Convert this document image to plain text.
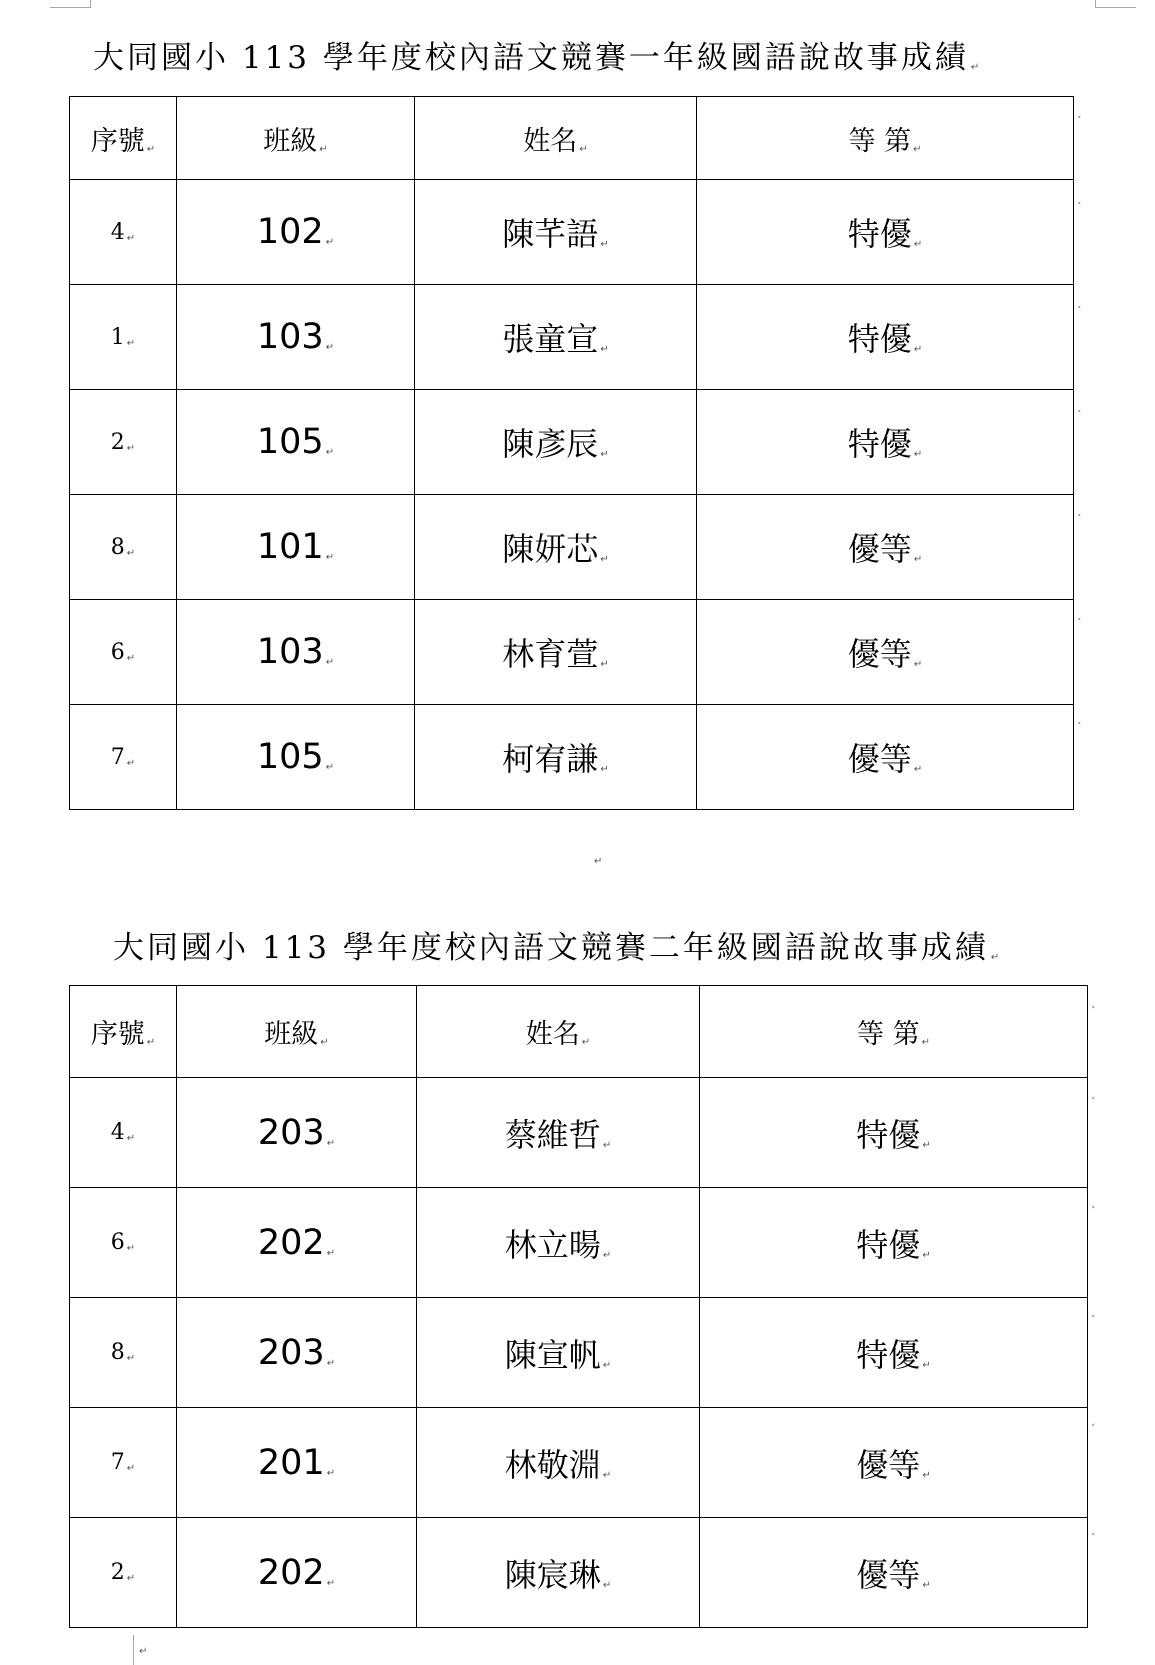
大同國小 113 學年度校內語文競賽一年級國語說故事成績 ↵
序號 ↵	班級 ↵	姓名 ↵	等 第 ↵
4 ↵	102 ↵	陳芊語 ↵	特優 ↵
1 ↵	103 ↵	張童宣 ↵	特優 ↵
2 ↵	105 ↵	陳彥辰 ↵	特優 ↵
8 ↵	101 ↵	陳妍芯 ↵	優等 ↵
6 ↵	103 ↵	林育萱 ↵	優等 ↵
7 ↵	105 ↵	柯宥謙 ↵	優等 ↵
˂
˂
˂
˂
˂
˂
˂
↵
大同國小 113 學年度校內語文競賽二年級國語說故事成績 ↵
序號 ↵	班級 ↵	姓名 ↵	等 第 ↵
4 ↵	203 ↵	蔡維哲 ↵	特優 ↵
6 ↵	202 ↵	林立暘 ↵	特優 ↵
8 ↵	203 ↵	陳宣帆 ↵	特優 ↵
7 ↵	201 ↵	林敬淵 ↵	優等 ↵
2 ↵	202 ↵	陳宸琳 ↵	優等 ↵
˂
˂
˂
˂
˂
˂
↵
